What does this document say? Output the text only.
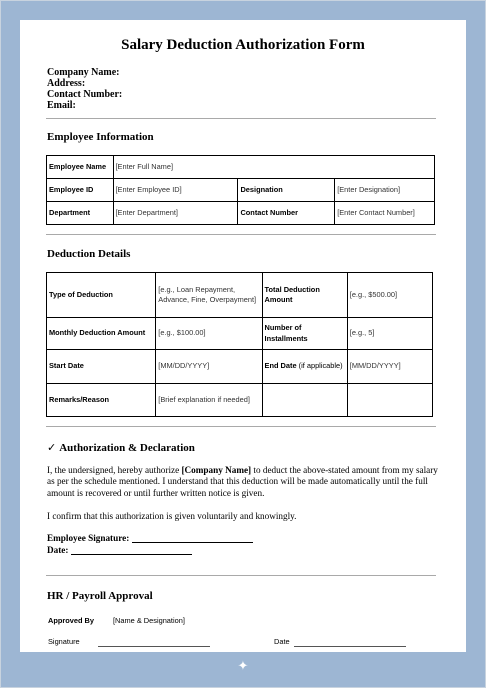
Salary Deduction Authorization Form
Company Name:
Address:
Contact Number:
Email:
Employee Information
Employee Name	[Enter Full Name]		
Employee ID	[Enter Employee ID]	Designation	[Enter Designation]
Department	[Enter Department]	Contact Number	[Enter Contact Number]
Deduction Details
Type of Deduction	[e.g., Loan Repayment, Advance, Fine, Overpayment]	Total Deduction Amount	[e.g., $500.00]
Monthly Deduction Amount	[e.g., $100.00]	Number of Installments	[e.g., 5]
Start Date	[MM/DD/YYYY]	End Date (if applicable)	[MM/DD/YYYY]
Remarks/Reason	[Brief explanation if needed]		
✓ Authorization & Declaration
I, the undersigned, hereby authorize [Company Name] to deduct the above-stated amount from my salary as per the schedule mentioned. I understand that this deduction will be made automatically until the full amount is recovered or until further written notice is given.
I confirm that this authorization is given voluntarily and knowingly.
Employee Signature:
Date:
HR / Payroll Approval
Approved By	[Name & Designation]
Signature	Date
✦
